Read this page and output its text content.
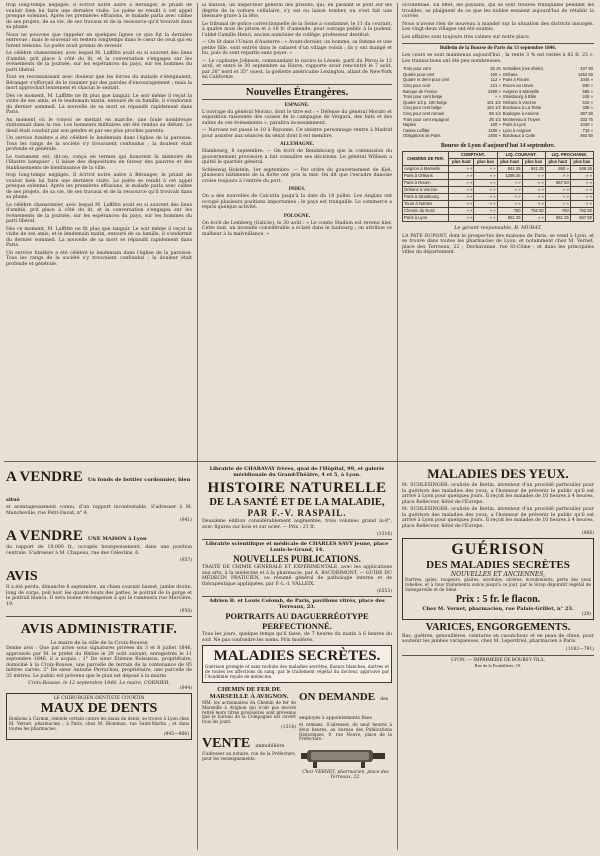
trop long-temps négligés. Il écrivit notre autre à Béranger, le priant de vouloir bien lui faire une dernière visite. Le poète se rendit à cet appel presque solennel. Après les premières effusions, le malade parla avec calme de ses projets, de sa vie, de ses travaux et de la ressource qu'il trouvait dans sa plume.

Nous ne pouvons que rappeler en quelques lignes ce que fut la dernière entrevue ; mais le souvenir en restera longtemps dans le cœur de ceux qui en furent témoins. Le poète avait promis de revenir.

Le célèbre chansonnier, avec lequel M. Laffitte avait eu si souvent des liens d'amitié, prit place à côté du lit, et la conversation s'engagea sur les événements de la journée, sur les espérances du pays, sur les hommes du parti libéral.

Tout en reconnaissant avec douleur que les forces du malade s'éteignaient, Béranger s'efforçait de le ranimer par des paroles d'encouragement ; mais la mort approchait lentement et chacun le sentait.

Dès ce moment, M. Laffitte ne fit plus que languir. Le soir même il reçut la visite de ses amis, et le lendemain matin, entouré de sa famille, il s'endormit du dernier sommeil. La nouvelle de sa mort se répandit rapidement dans Paris.

Au moment où le convoi se mettait en marche, une foule nombreuse stationnait dans la rue. Les honneurs militaires ont été rendus au défunt. Le deuil était conduit par son gendre et par ses plus proches parents.

Un service funèbre a été célébré le lendemain dans l'église de la paroisse. Tous les rangs de la société s'y trouvaient confondus ; la douleur était profonde et générale.

Le testament est, dit-on, conçu en termes qui honorent la mémoire de l'illustre banquier ; il laisse des dispositions en faveur des pauvres et des établissements de bienfaisance de la ville.

trop long-temps négligés. Il écrivit notre autre à Béranger, le priant de vouloir bien lui faire une dernière visite. Le poète se rendit à cet appel presque solennel. Après les premières effusions, le malade parla avec calme de ses projets, de sa vie, de ses travaux et de la ressource qu'il trouvait dans sa plume.

Le célèbre chansonnier, avec lequel M. Laffitte avait eu si souvent des liens d'amitié, prit place à côté du lit, et la conversation s'engagea sur les événements de la journée, sur les espérances du pays, sur les hommes du parti libéral.

Dès ce moment, M. Laffitte ne fit plus que languir. Le soir même il reçut la visite de ses amis, et le lendemain matin, entouré de sa famille, il s'endormit du dernier sommeil. La nouvelle de sa mort se répandit rapidement dans Paris.

Un service funèbre a été célébré le lendemain dans l'église de la paroisse. Tous les rangs de la société s'y trouvaient confondus ; la douleur était profonde et générale.

la maison, un inspecteur général des prisons, qui, en passant le pont sur les degrés de la voiture cellulaire, s'y est ou laissé tomber, ou s'est fait une blessure grave à la tête.

Le tribunal de police correctionnelle de la Seine a condamné, le 11 du courant, à quatre mois de prison et à 16 fr. d'amende, pour outrage public à la pudeur, l'abbé Camille Henri, ancien aumônier de collège, professeur destitué.

— On lit dans l'Union d'Austerre : « Avant-dernier, un homme, sa femme et une petite fille, sont entrés dans le cabaret d'un village voisin ; ils y ont mangé et bu, puis ils sont repartis sans payer. »

— Le capitaine Johnson, commandant le navire la Léonie, parti du Pérou le 12 avril, et entré le 30 septembre au Havre, rapporte avoir rencontré le 7 août, par 26° nord et 35° ouest, la goélette américaine Lexington, allant de New-York en Californie.

Nouvelles Étrangères.
ESPAGNE.

L'ouvrage du général Morato, dont le titre est : « Défense du général Morato et exposition raisonnée des causes de la campagne de Vergara, des faits et des suites de ces événements », paraîtra incessamment.

— Narvaez est passé le 10 à Bayonne. Ce sinistre personnage rentre à Madrid pour assister aux séances du sénat dont il est membre.

ALLEMAGNE.

Hambourg, 8 septembre. — On écrit de Rendsbourg que la commission du gouvernement provisoire a fait connaître ses décisions. Le général Willisen a quitté le quartier général.

Schleswig Holstein, 1er septembre. — Par ordre du gouvernement de Kiel, plusieurs bâtiments de la flotte ont pris la mer. On dit que l'escadre danoise croise toujours à l'entrée du port.

INDES.

On a des nouvelles de Calcutta jusqu'à la date du 18 juillet. Les Anglais ont occupé plusieurs positions importantes ; le pays est tranquille. Le commerce a repris quelque activité.

POLOGNE.

On écrit de Lemberg (Galicie), le 30 août : « Le comte Stadion est revenu hier. Cette nuit, un incendie considérable a éclaté dans le faubourg ; on attribue ce malheur à la malveillance. »

occidentale. En effet, les paysans, qui se sont trouvés tranquilles pendant les troubles, se plaignent de ce que les nobles essaient aujourd'hui de rétablir la corvée.

Nous n'avons rien de nouveau à mander sur la situation des districts insurgés. Les vingt-deux villages ont été soumis.

Les affaires sont toujours très calmes sur notre place.

Bulletin de la Bourse de Paris du 13 septembre 1846.

Les cours se sont maintenus aujourd'hui ; la rente 3 % est restée à 82 fr. 25 c. Les transactions ont été peu nombreuses.

Trois pour cent	82 25	Versailles (rive droite)	437 50
Quatre pour cent	100 »	Orléans	1262 50
Quatre et demi pour cent	112 »	Paris à Rouen	1045 »
Cinq pour cent	121 »	Rouen au Havre	830 »
Banque de France	3280 »	Avignon à Marseille	585 »
Trois pour cent belge	» »	Strasbourg à Bâle	245 »
Quatre 1/2 p. 100 belge	101 1/2	Orléans à Vierzon	510 »
Cinq pour cent belge	104 1/2	Bordeaux à La Teste	335 »
Cinq pour cent romain	98 1/2	Boulogne à Amiens	387 50
Trois pour cent espagnol	35 1/2	Montereau à Troyes	333 75
Naples	100 »	Paris à Lyon	1020 »
Caisse Laffitte	1180 »	Lyon à Avignon	715 »
Obligations de Paris	1400 »	Bordeaux à Cette	492 50
Bourse de Lyon d'aujourd'hui 14 septembre.
CHEMINS DE FER.	COMPTANT.		LIQ. COURANT.		LIQ. PROCHAINE.	
	plus haut	plus bas	plus haut	plus bas	plus haut	plus bas
Avignon à Marseille	» »	» »	941 25	941 25	950 »	946 25
Paris à Orléans	» »	» »	1286 25	» »	» »	» »
Paris à Rouen	» »	» »	» »	» »	967 50	» »
Orléans à Vierzon	» »	» »	» »	» »	» »	» »
Paris à Strasbourg	» »	» »	» »	» »	» »	» »
Tours à Nantes	» »	» »	» »	» »	» »	» »
Chemin du Nord	» »	» »	750	752 50	750	752 50
Paris à Lyon	» »	» »	551 25	» »	561 25	567 50
Le gérant responsable, B. MURAT.

LA PATE DUPONT, dont le prospectus des maisons de Paris, se vend à Lyon, et se trouve dans toutes les pharmacies de Lyon, et notamment chez M. Vernet, place des Terreaux, 22 ; Dechavanne, rue St-Côme ; et dans les principales villes du département.

A VENDRE Un fonds de bottier cordonnier, bien situé

et avantageusement connu, d'un rapport incontestable. S'adresser à M. Mancheville, rue Petit-David, n° 4.

(941)
A VENDRE UNE MAISON à Lyon

du rapport de 10,000 fr., occupés bourgeoisement, dans une position centrale. S'adresser à M. Chapeau, rue des Célestins, 6.

(957)
AVIS

Il a été perdu, dimanche 6 septembre, un chien courant basset, jambe droite, long de corps, poil noir, les quatre bouts des pattes, le poitrail de la gorge et le poitrail blancs. Il sera bonne récompense à qui le ramènera rue Mercière, 19.

(950)
AVIS ADMINISTRATIF.
Le maire de la ville de la Croix-Rousse

Donne avis : Que par actes sous signatures privées du 3 et 8 juillet 1846, approuvés par M. le préfet du Rhône le 29 août suivant, enregistrés le 11 septembre 1846, il a acquis : 1° De sieur Étienne Boissieux, propriétaire, domicilié à la Croix-Rousse, une parcelle de terrain de la contenance de 85 mètres carrés. 2° De sieur Antoine Perrachon, propriétaire, une parcelle de 35 mètres. Le public est prévenu que le plan est déposé à la mairie.

Croix-Rousse, le 12 septembre 1846. Le maire, CORNIER.
(944)
LE CHIRURGIEN-DENTISTE COURTIN
MAUX DE DENTS

Bonbons à Carmin, remède certain contre les maux de dents, se trouve à Lyon chez M. Vernet, pharmacien ; à Paris, chez M. Blondeau, rue Saint-Martin ; et dans toutes les pharmacies.

(945—966)
Librairie de CHARAVAY frères, quai de l'Hôpital, 99, et galerie méridionale du Grand-Théâtre, 4 et 5, à Lyon.
HISTOIRE NATURELLE
DE LA SANTÉ ET DE LA MALADIE,
PAR F.-V. RASPAIL.

Deuxième édition considérablement augmentée, trois volumes grand in-8°, avec figures sur bois et sur acier. — Prix : 21 fr.

(1316)
Librairie scientifique et médicale de CHARLES SAVY jeune, place Louis-le-Grand, 14.
NOUVELLES PUBLICATIONS.

TRAITÉ DE CHIMIE GÉNÉRALE ET EXPÉRIMENTALE, avec les applications aux arts, à la médecine et à la pharmacie, par A. BAUDRIMONT. — GUIDE DU MÉDECIN PRATICIEN, ou résumé général de pathologie interne et de thérapeutique appliquées, par F.-L.-I. VALLEIX.

(6553)
Adrien B. et Louis Colomb, de Paris, pavillons vitrés, place des Terreaux, 23.
PORTRAITS AU DAGUERRÉOTYPE PERFECTIONNÉ.

Tous les jours, quelque temps qu'il fasse, de 7 heures du matin à 6 heures du soir. Ne pas confondre les noms. Prix modérés.

MALADIES SECRÈTES.

Guérison prompte et sans rechute des maladies secrètes, flueurs blanches, dartres et de toutes les affections du sang, par le traitement végétal du docteur, approuvé par l'Académie royale de médecine.

CHEMIN DE FER DE MARSEILLE À AVIGNON.

MM. les actionnaires du Chemin de fer de Marseille à Avignon qui n'ont pas encore retiré leurs titres provisoires sont prévenus que le bureau de la Compagnie est ouvert tous les jours.

(1318)
VENTE immobilière

S'adresser au notaire, rue de la Préfecture, pour les renseignements.

ON DEMANDE des employés à appointements fixes

et remises. S'adresser, de neuf heures à deux heures, au bureau des Publications Historiques, 9, rue Neuve, place de la Préfecture.

Chez VERNET, pharmacien, place des Terreaux, 22.
MALADIES DES YEUX.

M. SCHLESINGER, oculiste de Berlin, inventeur d'un procédé particulier pour la guérison des maladies des yeux, a l'honneur de prévenir le public qu'il est arrivé à Lyon pour quelques jours. Il reçoit les malades de 10 heures à 4 heures, place Bellecour, hôtel de l'Europe.

M. SCHLESINGER, oculiste de Berlin, inventeur d'un procédé particulier pour la guérison des maladies des yeux, a l'honneur de prévenir le public qu'il est arrivé à Lyon pour quelques jours. Il reçoit les malades de 10 heures à 4 heures, place Bellecour, hôtel de l'Europe.

(966)
GUÉRISON
DES MALADIES SECRÈTES
NOUVELLES ET ANCIENNES,

Dartres, gales, rougeurs, glaires, scrofules, ulcères, écoulements, perte des yeux rebelles, et à tous traitements suivis jusqu'à ce jour, par le Sirop dépuratif végétal de Salsepareille et de Séné.

Prix : 5 fr. le flacon.
Chez M. Vernet, pharmacien, rue Palais-Grillet, n° 23.
(28)
VARICES, ENGORGEMENTS.

Bas, guêtres, genouillères, ceintures en caoutchouc et en peau de chien, pour soutenir les jambes variqueuses, chez M. Leperdriel, pharmacien à Paris.

(1182—791)
LYON. — IMPRIMERIE DE BOURSY FILS,
Rue de la Poulaillerie, 19.
